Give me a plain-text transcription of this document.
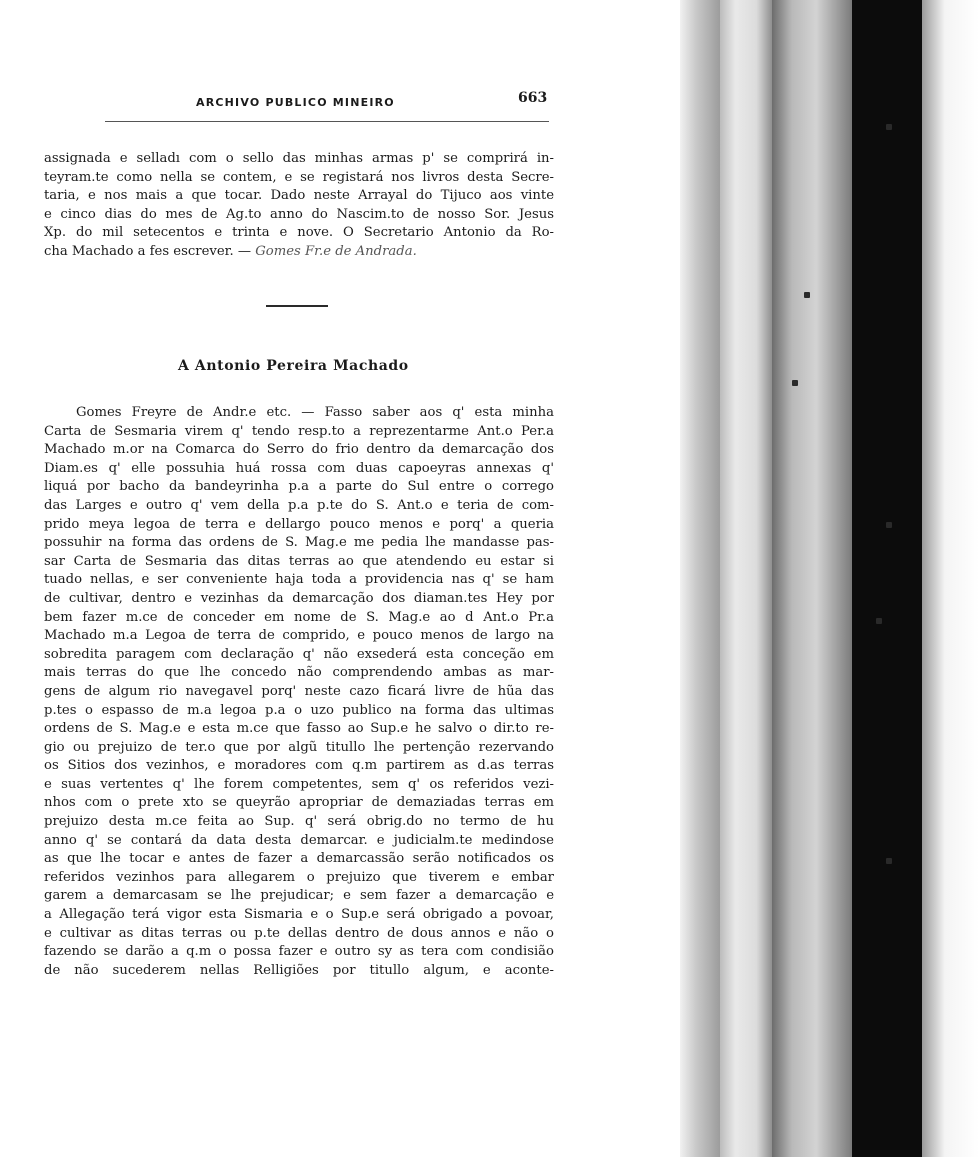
ARCHIVO PUBLICO MINEIRO	663
assignada e selladı com o sello das minhas armas p' se comprirá in-
teyram.te como nella se contem, e se registará nos livros desta Secre-
taria, e nos mais a que tocar. Dado neste Arrayal do Tijuco aos vinte
e cinco dias do mes de Ag.to anno do Nascim.to de nosso Sor. Jesus
Xp. do mil setecentos e trinta e nove. O Secretario Antonio da Ro-
cha Machado a fes escrever. — Gomes Fr.e de Andrada.
A Antonio Pereira Machado
Gomes Freyre de Andr.e etc. — Fasso saber aos q' esta minha
Carta de Sesmaria virem q' tendo resp.to a reprezentarme Ant.o Per.a
Machado m.or na Comarca do Serro do frio dentro da demarcação dos
Diam.es q' elle possuhia huá rossa com duas capoeyras annexas q'
liquá por bacho da bandeyrinha p.a a parte do Sul entre o corrego
das Larges e outro q' vem della p.a p.te do S. Ant.o e teria de com-
prido meya legoa de terra e dellargo pouco menos e porq' a queria
possuhir na forma das ordens de S. Mag.e me pedia lhe mandasse pas-
sar Carta de Sesmaria das ditas terras ao que atendendo eu estar si
tuado nellas, e ser conveniente haja toda a providencia nas q' se ham
de cultivar, dentro e vezinhas da demarcação dos diaman.tes Hey por
bem fazer m.ce de conceder em nome de S. Mag.e ao d Ant.o Pr.a
Machado m.a Legoa de terra de comprido, e pouco menos de largo na
sobredita paragem com declaração q' não exsederá esta conceção em
mais terras do que lhe concedo não comprendendo ambas as mar-
gens de algum rio navegavel porq' neste cazo ficará livre de hũa das
p.tes o espasso de m.a legoa p.a o uzo publico na forma das ultimas
ordens de S. Mag.e e esta m.ce que fasso ao Sup.e he salvo o dir.to re-
gio ou prejuizo de ter.o que por algũ titullo lhe pertenção rezervando
os Sitios dos vezinhos, e moradores com q.m partirem as d.as terras
e suas vertentes q' lhe forem competentes, sem q' os referidos vezi-
nhos com o prete xto se queyrão apropriar de demaziadas terras em
prejuizo desta m.ce feita ao Sup. q' será obrig.do no termo de hu
anno q' se contará da data desta demarcar. e judicialm.te medindose
as que lhe tocar e antes de fazer a demarcassão serão notificados os
referidos vezinhos para allegarem o prejuizo que tiverem e embar
garem a demarcasam se lhe prejudicar; e sem fazer a demarcação e
a Allegação terá vigor esta Sismaria e o Sup.e será obrigado a povoar,
e cultivar as ditas terras ou p.te dellas dentro de dous annos e não o
fazendo se darão a q.m o possa fazer e outro sy as tera com condisião
de não sucederem nellas Relligiões por titullo algum, e aconte-
